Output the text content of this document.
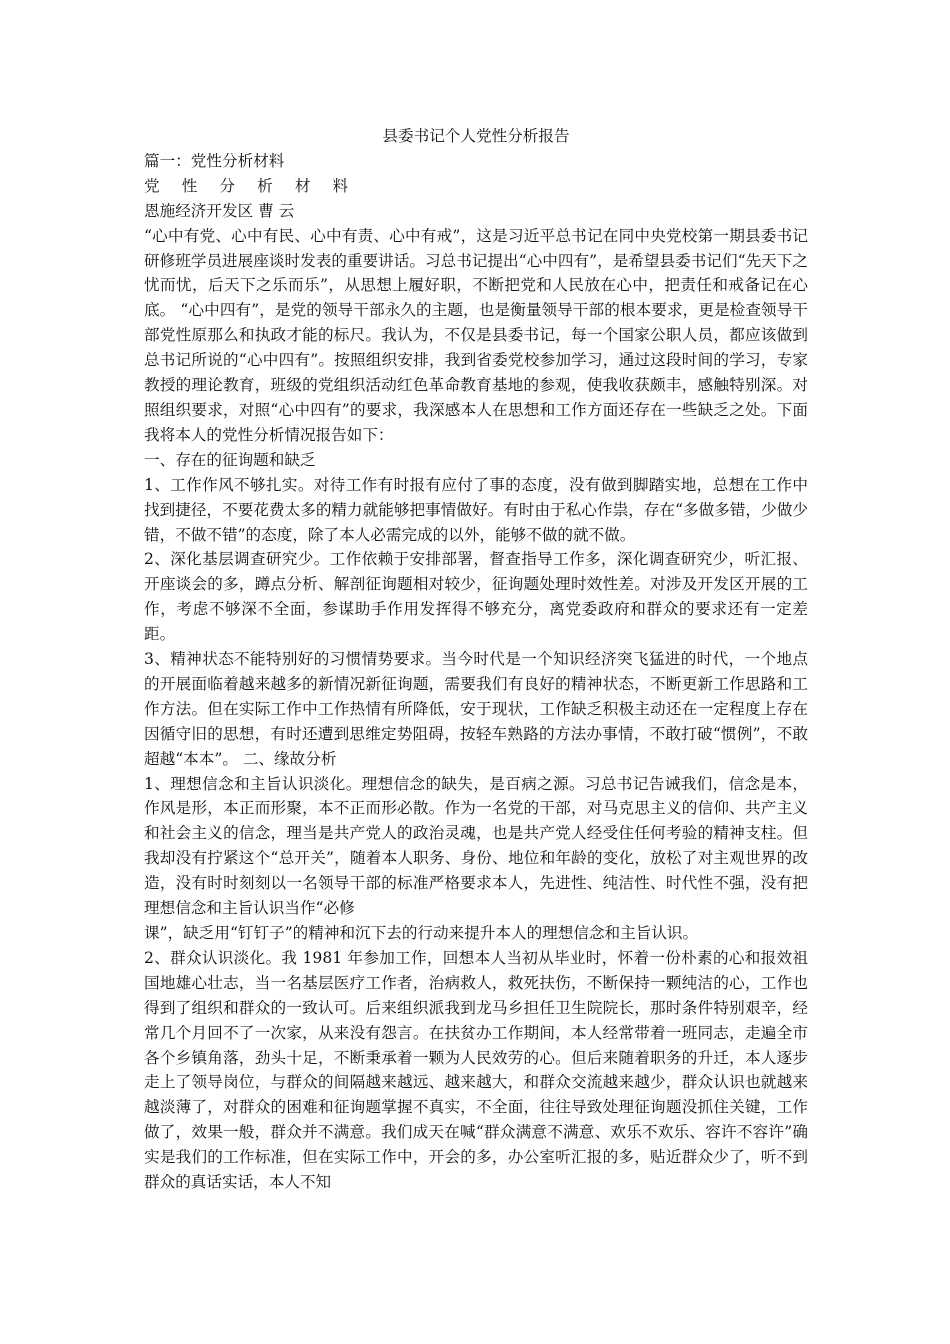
县委书记个人党性分析报告

篇一：党性分析材料

党 性 分 析 材 料

恩施经济开发区 曹 云

“心中有党、心中有民、心中有责、心中有戒”，这是习近平总书记在同中央党校第一期县委书记研修班学员进展座谈时发表的重要讲话。习总书记提出“心中四有”，是希望县委书记们“先天下之忧而忧，后天下之乐而乐”，从思想上履好职，不断把党和人民放在心中，把责任和戒备记在心底。 “心中四有”，是党的领导干部永久的主题，也是衡量领导干部的根本要求，更是检查领导干部党性原那么和执政才能的标尺。我认为，不仅是县委书记，每一个国家公职人员，都应该做到总书记所说的“心中四有”。按照组织安排，我到省委党校参加学习，通过这段时间的学习，专家教授的理论教育，班级的党组织活动红色革命教育基地的参观，使我收获颇丰，感触特别深。对照组织要求，对照“心中四有”的要求，我深感本人在思想和工作方面还存在一些缺乏之处。下面我将本人的党性分析情况报告如下：

一、存在的征询题和缺乏

1、工作作风不够扎实。对待工作有时报有应付了事的态度，没有做到脚踏实地，总想在工作中找到捷径，不要花费太多的精力就能够把事情做好。有时由于私心作祟，存在“多做多错，少做少错，不做不错”的态度，除了本人必需完成的以外，能够不做的就不做。

2、深化基层调查研究少。工作依赖于安排部署，督查指导工作多，深化调查研究少，听汇报、开座谈会的多，蹲点分析、解剖征询题相对较少，征询题处理时效性差。对涉及开发区开展的工作，考虑不够深不全面，参谋助手作用发挥得不够充分，离党委政府和群众的要求还有一定差距。

3、精神状态不能特别好的习惯情势要求。当今时代是一个知识经济突飞猛进的时代，一个地点的开展面临着越来越多的新情况新征询题，需要我们有良好的精神状态，不断更新工作思路和工作方法。但在实际工作中工作热情有所降低，安于现状，工作缺乏积极主动还在一定程度上存在因循守旧的思想，有时还遭到思维定势阻碍，按轻车熟路的方法办事情，不敢打破“惯例”，不敢超越“本本”。 二、缘故分析

1、理想信念和主旨认识淡化。理想信念的缺失，是百病之源。习总书记告诫我们，信念是本，作风是形，本正而形聚，本不正而形必散。作为一名党的干部，对马克思主义的信仰、共产主义和社会主义的信念，理当是共产党人的政治灵魂，也是共产党人经受住任何考验的精神支柱。但我却没有拧紧这个“总开关”，随着本人职务、身份、地位和年龄的变化，放松了对主观世界的改造，没有时时刻刻以一名领导干部的标准严格要求本人，先进性、纯洁性、时代性不强，没有把理想信念和主旨认识当作“必修

课”，缺乏用“钉钉子”的精神和沉下去的行动来提升本人的理想信念和主旨认识。

2、群众认识淡化。我 1981 年参加工作，回想本人当初从毕业时，怀着一份朴素的心和报效祖国地雄心壮志，当一名基层医疗工作者，治病救人，救死扶伤，不断保持一颗纯洁的心，工作也得到了组织和群众的一致认可。后来组织派我到龙马乡担任卫生院院长，那时条件特别艰辛，经常几个月回不了一次家，从来没有怨言。在扶贫办工作期间，本人经常带着一班同志，走遍全市各个乡镇角落，劲头十足，不断秉承着一颗为人民效劳的心。但后来随着职务的升迁，本人逐步走上了领导岗位，与群众的间隔越来越远、越来越大，和群众交流越来越少，群众认识也就越来越淡薄了，对群众的困难和征询题掌握不真实，不全面，往往导致处理征询题没抓住关键，工作做了，效果一般，群众并不满意。我们成天在喊“群众满意不满意、欢乐不欢乐、容许不容许”确实是我们的工作标准，但在实际工作中，开会的多，办公室听汇报的多，贴近群众少了，听不到群众的真话实话，本人不知
